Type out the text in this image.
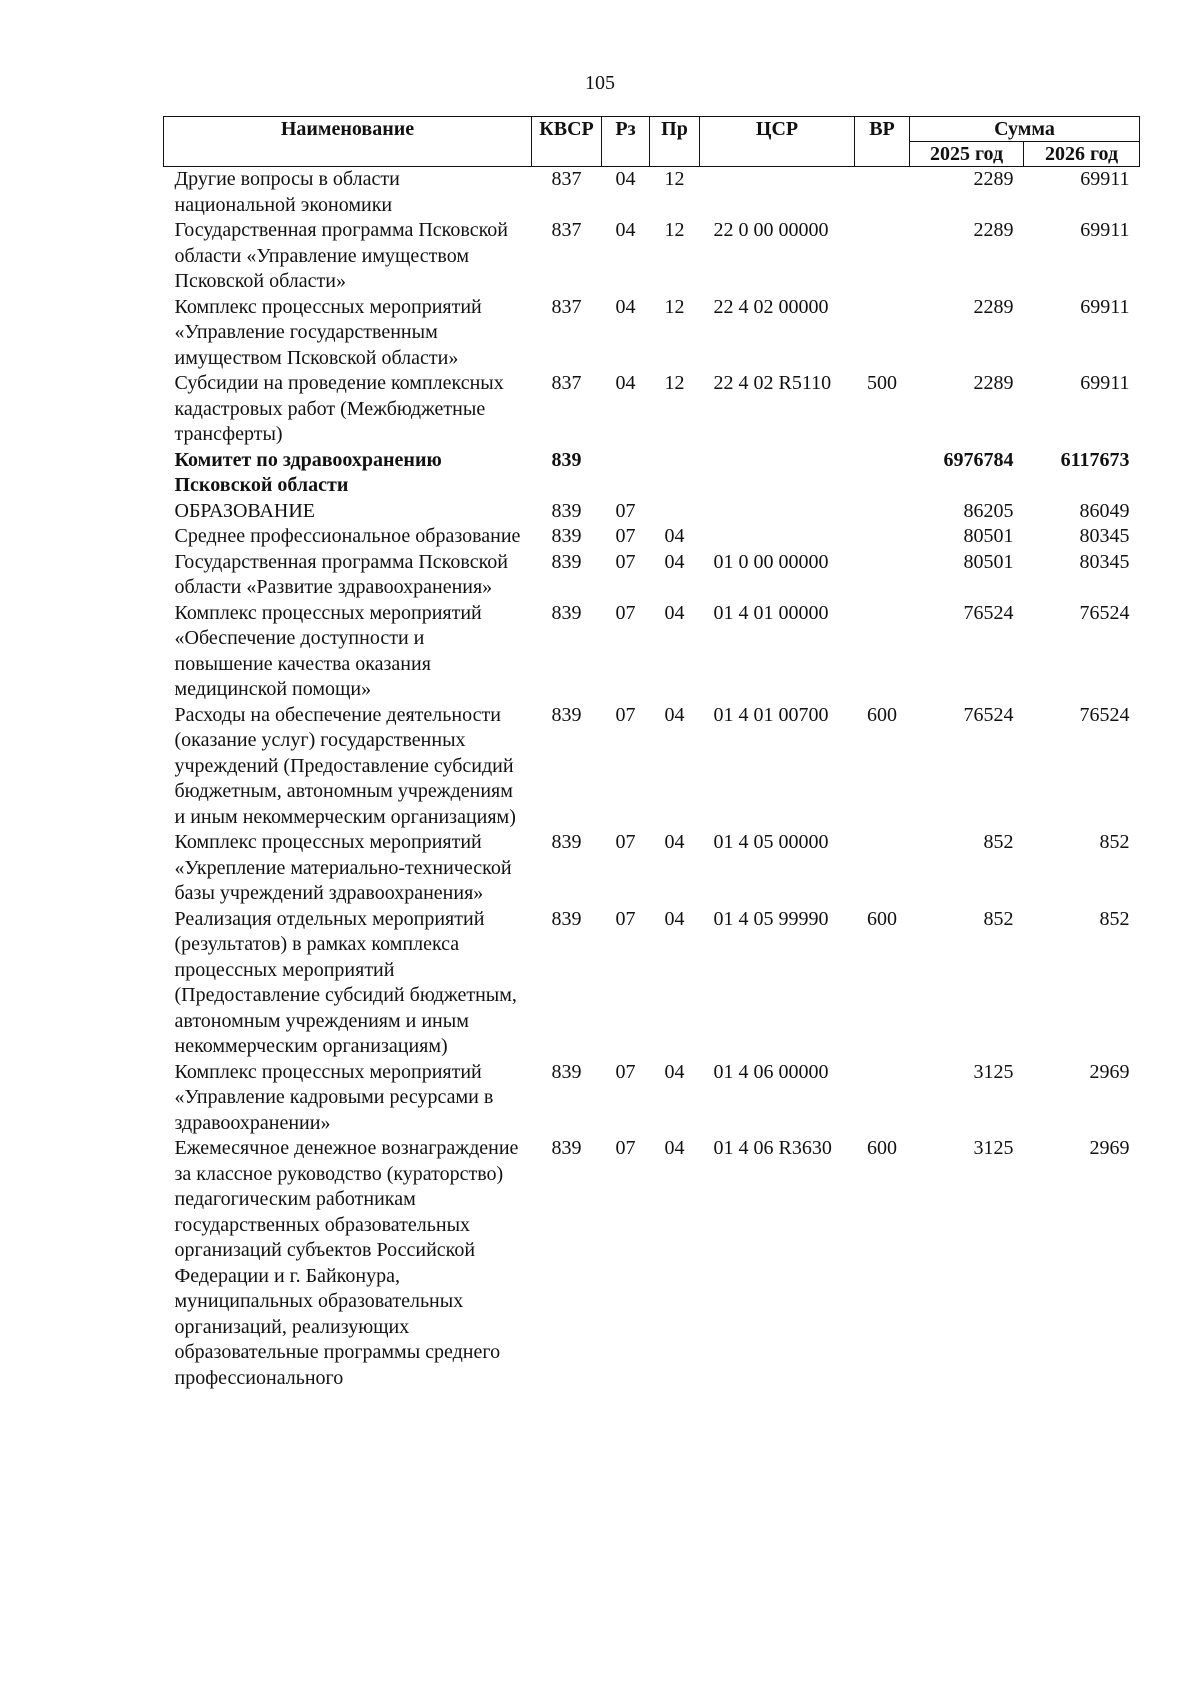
105
Наименование	КВСР	Рз	Пр	ЦСР	ВР	Сумма	
						2025 год	2026 год
Другие вопросы в области национальной экономики	837	04	12			2289	69911
Государственная программа Псковской области «Управление имуществом Псковской области»	837	04	12	22 0 00 00000		2289	69911
Комплекс процессных мероприятий «Управление государственным имуществом Псковской области»	837	04	12	22 4 02 00000		2289	69911
Субсидии на проведение комплексных кадастровых работ (Межбюджетные трансферты)	837	04	12	22 4 02 R5110	500	2289	69911
Комитет по здравоохранению Псковской области	839					6976784	6117673
ОБРАЗОВАНИЕ	839	07				86205	86049
Среднее профессиональное образование	839	07	04			80501	80345
Государственная программа Псковской области «Развитие здравоохранения»	839	07	04	01 0 00 00000		80501	80345
Комплекс процессных мероприятий «Обеспечение доступности и повышение качества оказания медицинской помощи»	839	07	04	01 4 01 00000		76524	76524
Расходы на обеспечение деятельности (оказание услуг) государственных учреждений (Предоставление субсидий бюджетным, автономным учреждениям и иным некоммерческим организациям)	839	07	04	01 4 01 00700	600	76524	76524
Комплекс процессных мероприятий «Укрепление материально-технической базы учреждений здравоохранения»	839	07	04	01 4 05 00000		852	852
Реализация отдельных мероприятий (результатов) в рамках комплекса процессных мероприятий (Предоставление субсидий бюджетным, автономным учреждениям и иным некоммерческим организациям)	839	07	04	01 4 05 99990	600	852	852
Комплекс процессных мероприятий «Управление кадровыми ресурсами в здравоохранении»	839	07	04	01 4 06 00000		3125	2969
Ежемесячное денежное вознаграждение за классное руководство (кураторство) педагогическим работникам государственных образовательных организаций субъектов Российской Федерации и г. Байконура, муниципальных образовательных организаций, реализующих образовательные программы среднего профессионального	839	07	04	01 4 06 R3630	600	3125	2969
